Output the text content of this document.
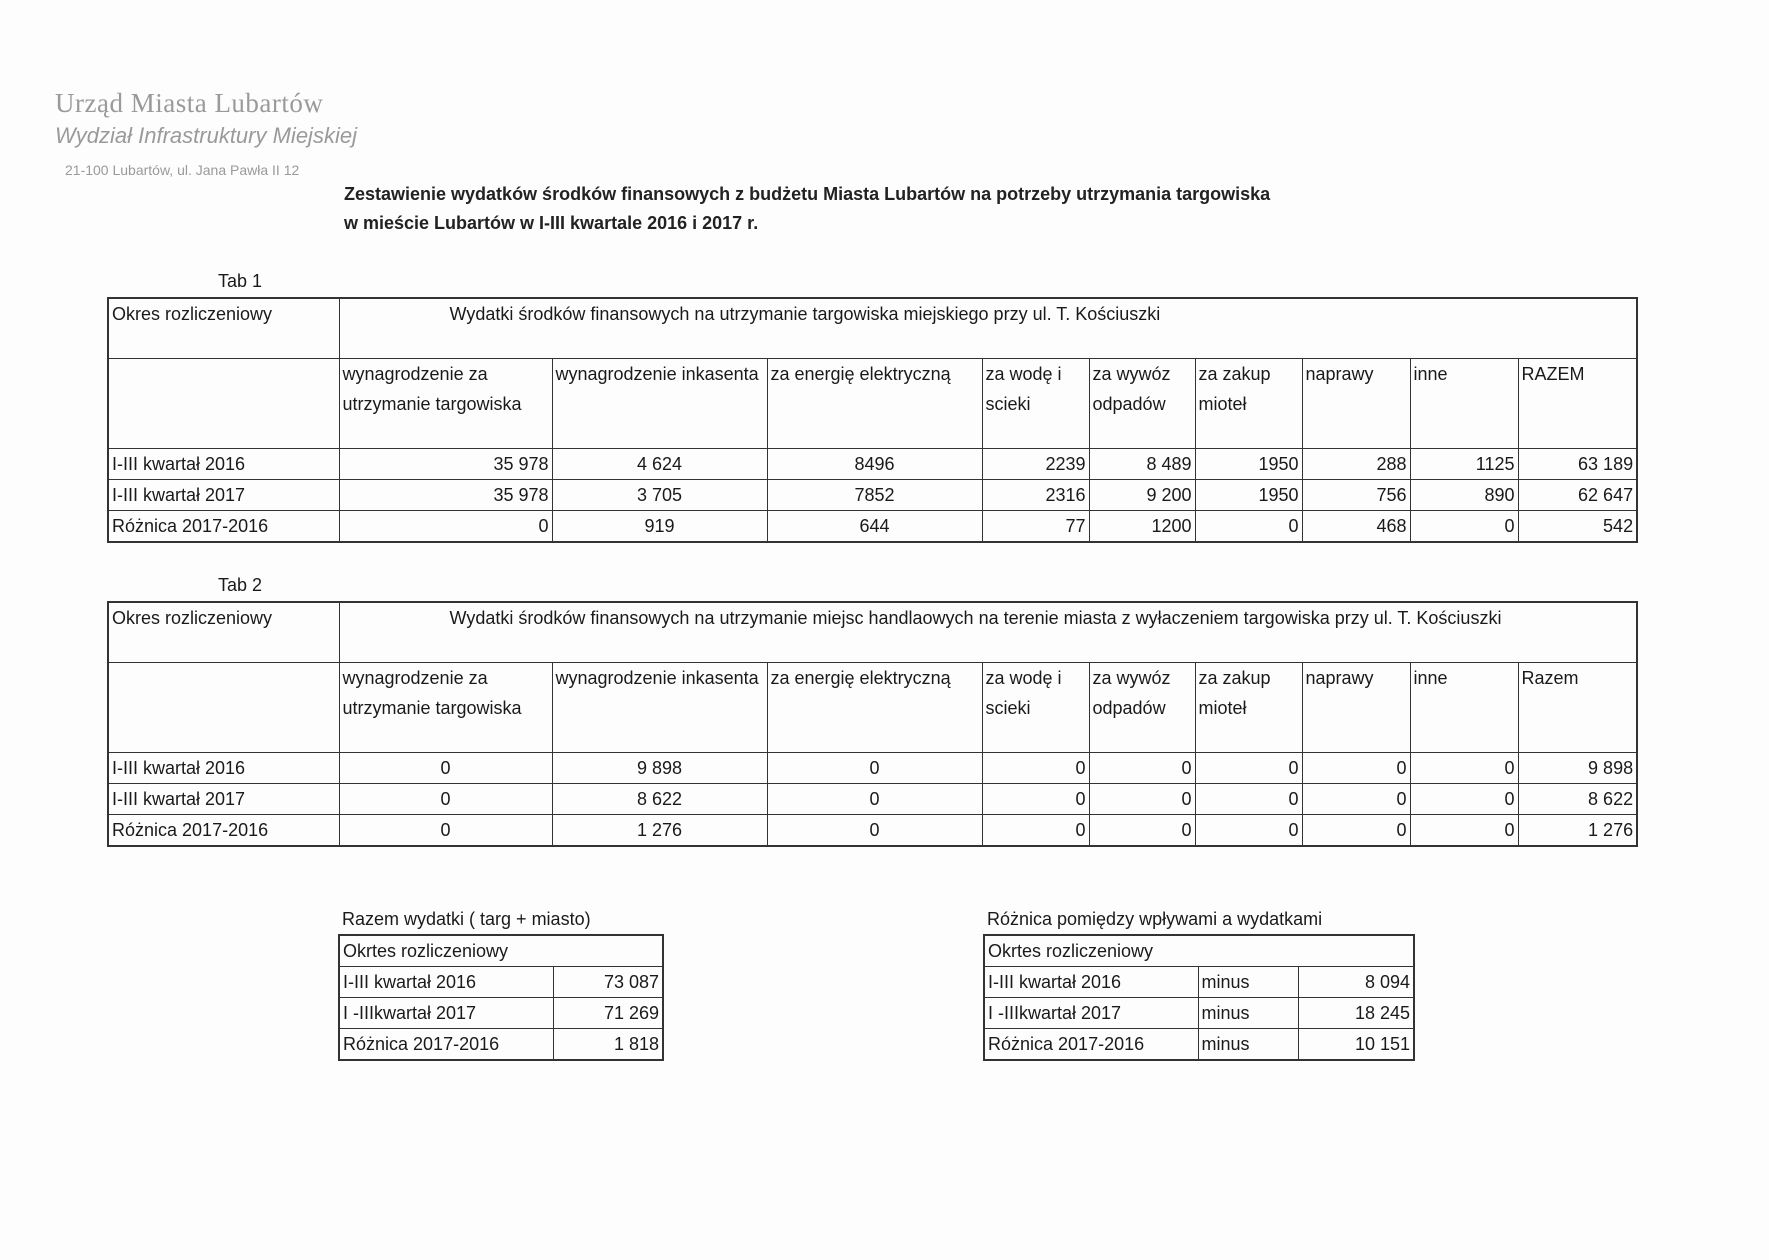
Urząd Miasta Lubartów
Wydział Infrastruktury Miejskiej
21-100 Lubartów, ul. Jana Pawła II 12
Zestawienie wydatków środków finansowych z budżetu Miasta Lubartów na potrzeby utrzymania targowiska
w mieście Lubartów w I-III kwartale 2016 i 2017 r.
Tab 1
Okres rozliczeniowy	Wydatki środków finansowych na utrzymanie targowiska miejskiego przy ul. T. Kościuszki								
	wynagrodzenie za utrzymanie targowiska	wynagrodzenie inkasenta	za energię elektryczną	za wodę i scieki	za wywóz odpadów	za zakup mioteł	naprawy	inne	RAZEM
I-III kwartał 2016	35 978	4 624	8496	2239	8 489	1950	288	1125	63 189
I-III kwartał 2017	35 978	3 705	7852	2316	9 200	1950	756	890	62 647
Różnica 2017-2016	0	919	644	77	1200	0	468	0	542
Tab 2
Okres rozliczeniowy	Wydatki środków finansowych na utrzymanie miejsc handlaowych na terenie miasta z wyłaczeniem targowiska przy ul. T. Kościuszki								
	wynagrodzenie za utrzymanie targowiska	wynagrodzenie inkasenta	za energię elektryczną	za wodę i scieki	za wywóz odpadów	za zakup mioteł	naprawy	inne	Razem
I-III kwartał 2016	0	9 898	0	0	0	0	0	0	9 898
I-III kwartał 2017	0	8 622	0	0	0	0	0	0	8 622
Różnica 2017-2016	0	1 276	0	0	0	0	0	0	1 276
Razem wydatki ( targ + miasto)
Okrtes rozliczeniowy	
I-III kwartał 2016	73 087
I -IIIkwartał 2017	71 269
Różnica 2017-2016	1 818
Różnica pomiędzy wpływami a wydatkami
Okrtes rozliczeniowy		
I-III kwartał 2016	minus	8 094
I -IIIkwartał 2017	minus	18 245
Różnica 2017-2016	minus	10 151
